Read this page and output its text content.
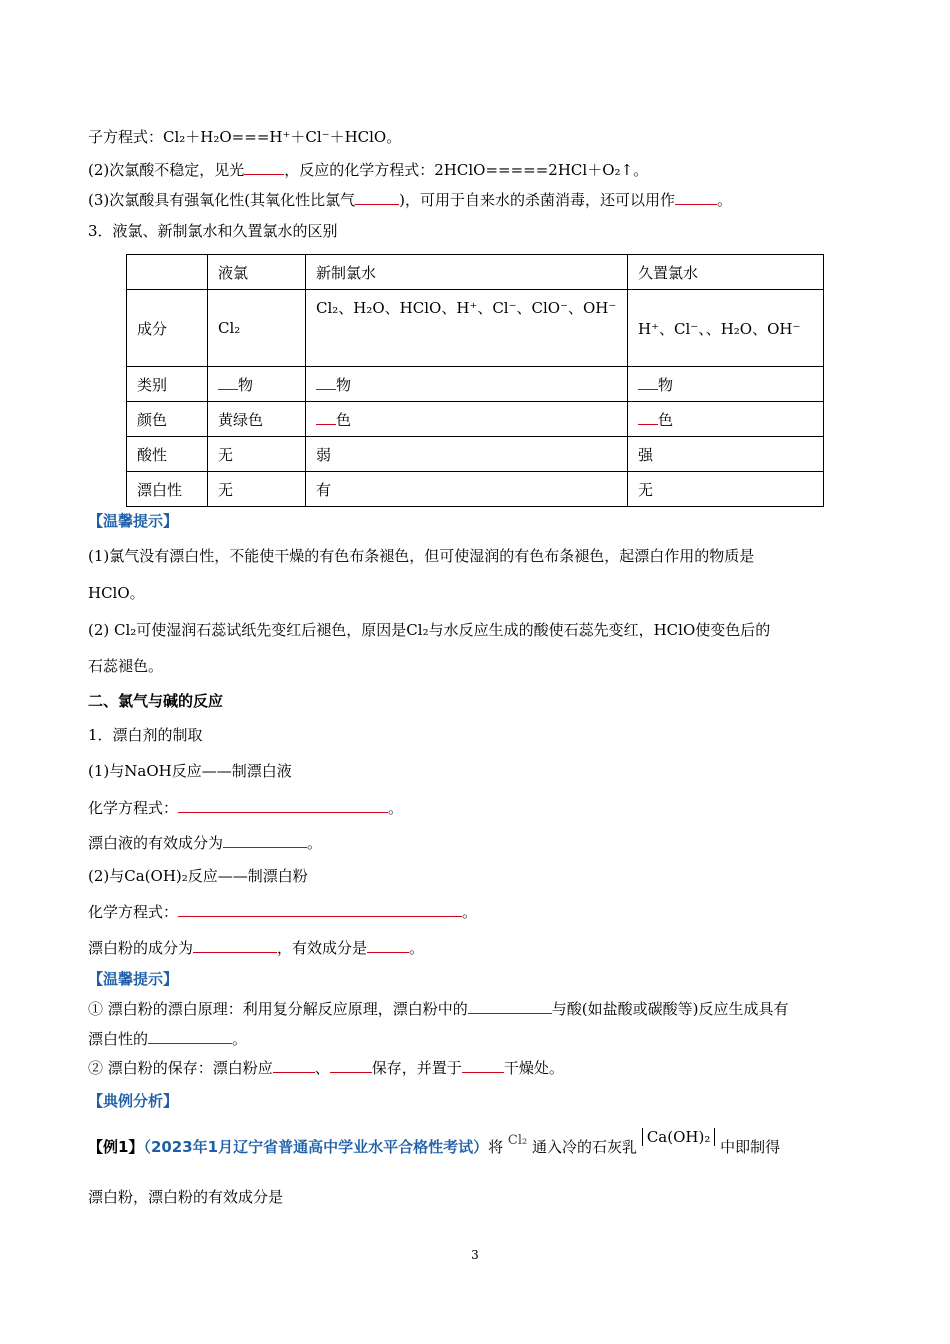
子方程式：Cl₂＋H₂O===H⁺＋Cl⁻＋HClO。
(2)次氯酸不稳定，见光	，反应的化学方程式：2HClO=====2HCl＋O₂↑。
(3)次氯酸具有强氧化性(其氧化性比氯气	)，可用于自来水的杀菌消毒，还可以用作	。
3．液氯、新制氯水和久置氯水的区别
	液氯	新制氯水	久置氯水
成分	Cl₂	Cl₂、H₂O、HClO、H⁺、Cl⁻、ClO⁻、OH⁻	H⁺、Cl⁻、、H₂O、OH⁻
类别	物	物	物
颜色	黄绿色	色	色
酸性	无	弱	强
漂白性	无	有	无
【温馨提示】
(1)氯气没有漂白性，不能使干燥的有色布条褪色，但可使湿润的有色布条褪色，起漂白作用的物质是
HClO。
(2) Cl₂可使湿润石蕊试纸先变红后褪色，原因是Cl₂与水反应生成的酸使石蕊先变红，HClO使变色后的
石蕊褪色。
二、氯气与碱的反应
1．漂白剂的制取
(1)与NaOH反应——制漂白液
化学方程式：	。
漂白液的有效成分为	。
(2)与Ca(OH)₂反应——制漂白粉
化学方程式：	。
漂白粉的成分为	，有效成分是	。
【温馨提示】
① 漂白粉的漂白原理：利用复分解反应原理，漂白粉中的	与酸(如盐酸或碳酸等)反应生成具有
漂白性的	。
② 漂白粉的保存：漂白粉应	、	保存，并置于	干燥处。
【典例分析】
【例1】（2023年1月辽宁省普通高中学业水平合格性考试）将 Cl₂ 通入冷的石灰乳 Ca(OH)₂ 中即制得
漂白粉，漂白粉的有效成分是
3
